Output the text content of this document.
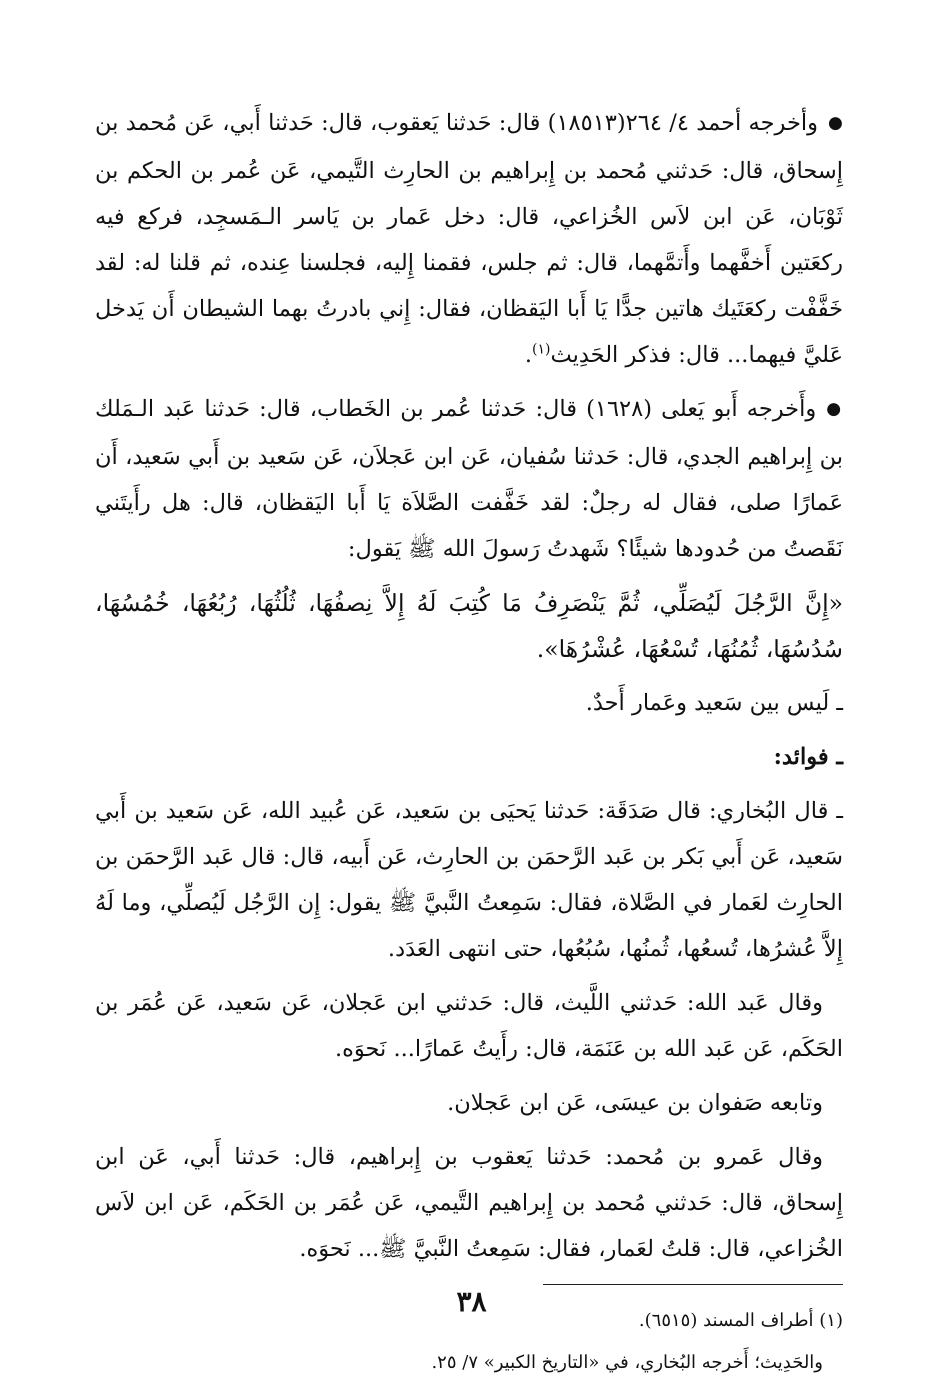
● وأخرجه أحمد ٤/ ٢٦٤(١٨٥١٣) قال: حَدثنا يَعقوب، قال: حَدثنا أَبي، عَن مُحمد بن إِسحاق، قال: حَدثني مُحمد بن إِبراهيم بن الحارِث التَّيمي، عَن عُمر بن الحكم بن ثَوْبَان، عَن ابن لاَس الخُزاعي، قال: دخل عَمار بن يَاسر الـمَسجِد، فركع فيه ركعَتين أَخفَّهما وأَتمَّهما، قال: ثم جلس، فقمنا إِليه، فجلسنا عِنده، ثم قلنا له: لقد خَفَّفْت ركعَتَيك هاتين جدًّا يَا أَبا اليَقظان، فقال: إِني بادرتُ بهما الشيطان أَن يَدخل عَليَّ فيهما... قال: فذكر الحَدِيث$^{(١)}$.

● وأَخرجه أَبو يَعلى (١٦٢٨) قال: حَدثنا عُمر بن الخَطاب، قال: حَدثنا عَبد الـمَلك بن إِبراهيم الجدي، قال: حَدثنا سُفيان، عَن ابن عَجلاَن، عَن سَعيد بن أَبي سَعيد، أَن عَمارًا صلى، فقال له رجلٌ: لقد خَفَّفت الصَّلاَة يَا أَبا اليَقظان، قال: هل رأَيتَني نَقَصتُ من حُدودها شيئًا؟ شَهدتُ رَسولَ الله ﷺ يَقول:

«إِنَّ الرَّجُلَ لَيُصَلِّي، ثُمَّ يَنْصَرِفُ مَا كُتِبَ لَهُ إِلاَّ نِصفُهَا، ثُلُثُهَا، رُبُعُهَا، خُمُسُهَا، سُدُسُهَا، ثُمُنُهَا، تُسْعُهَا، عُشْرُهَا».

ـ لَيس بين سَعيد وعَمار أَحدٌ.

ـ فوائد:

ـ قال البُخاري: قال صَدَقَة: حَدثنا يَحيَى بن سَعيد، عَن عُبيد الله، عَن سَعيد بن أَبي سَعيد، عَن أَبي بَكر بن عَبد الرَّحمَن بن الحارِث، عَن أَبيه، قال: قال عَبد الرَّحمَن بن الحارِث لعَمار في الصَّلاة، فقال: سَمِعتُ النَّبيَّ ﷺ يقول: إِن الرَّجُل لَيُصلِّي، وما لَهُ إِلاَّ عُشرُها، تُسعُها، ثُمنُها، سُبُعُها، حتى انتهى العَدَد.

وقال عَبد الله: حَدثني اللَّيث، قال: حَدثني ابن عَجلان، عَن سَعيد، عَن عُمَر بن الحَكَم، عَن عَبد الله بن عَنَمَة، قال: رأَيتُ عَمارًا... نَحوَه.

وتابعه صَفوان بن عيسَى، عَن ابن عَجلان.

وقال عَمرو بن مُحمد: حَدثنا يَعقوب بن إِبراهيم، قال: حَدثنا أَبي، عَن ابن إِسحاق، قال: حَدثني مُحمد بن إِبراهيم التَّيمي، عَن عُمَر بن الحَكَم، عَن ابن لاَس الخُزاعي، قال: قلتُ لعَمار، فقال: سَمِعتُ النَّبيَّ ﷺ... نَحوَه.

(١) أطراف المسند (٦٥١٥).

والحَدِيث؛ أَخرجه البُخاري، في «التاريخ الكبير» ٧/ ٢٥.

٣٨
